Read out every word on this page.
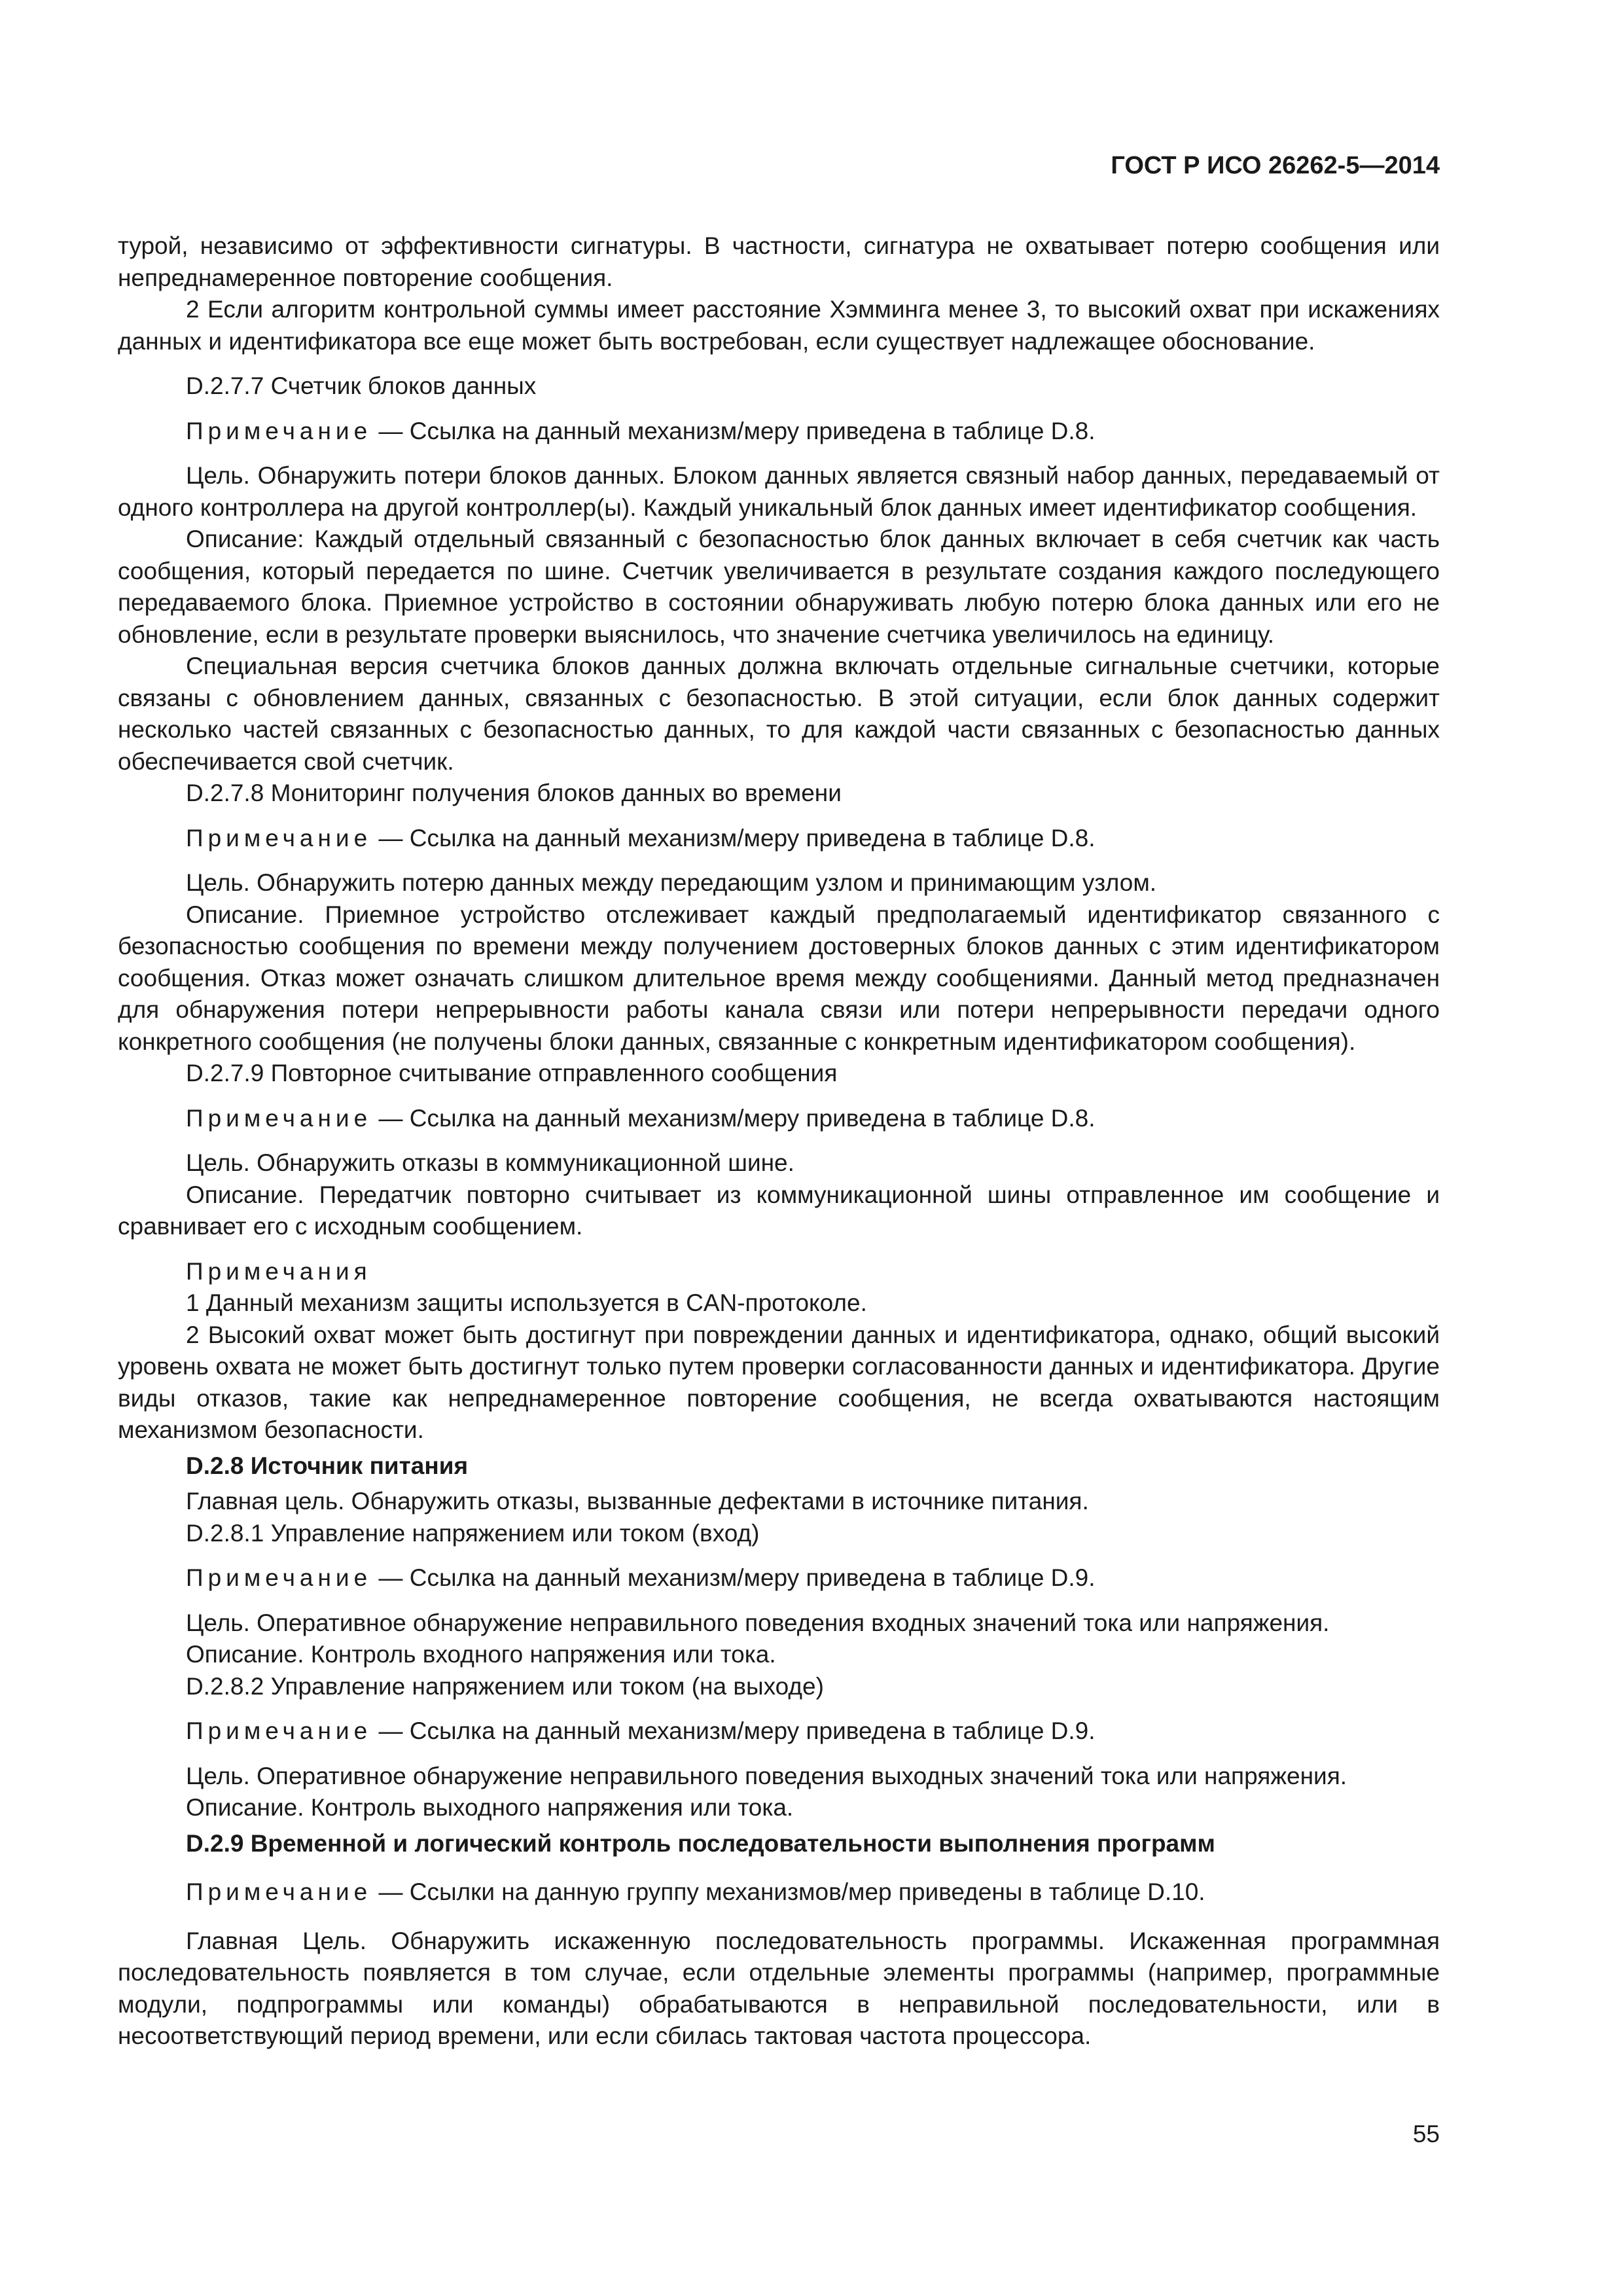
ГОСТ Р ИСО 26262-5—2014

турой, независимо от эффективности сигнатуры. В частности, сигнатура не охватывает потерю сообщения или непреднамеренное повторение сообщения.

2 Если алгоритм контрольной суммы имеет расстояние Хэмминга менее 3, то высокий охват при искажениях данных и идентификатора все еще может быть востребован, если существует надлежащее обоснование.

D.2.7.7 Счетчик блоков данных

Примечание — Ссылка на данный механизм/меру приведена в таблице D.8.

Цель. Обнаружить потери блоков данных. Блоком данных является связный набор данных, передаваемый от одного контроллера на другой контроллер(ы). Каждый уникальный блок данных имеет идентификатор сообщения.

Описание: Каждый отдельный связанный с безопасностью блок данных включает в себя счетчик как часть сообщения, который передается по шине. Счетчик увеличивается в результате создания каждого последующего передаваемого блока. Приемное устройство в состоянии обнаруживать любую потерю блока данных или его не обновление, если в результате проверки выяснилось, что значение счетчика увеличилось на единицу.

Специальная версия счетчика блоков данных должна включать отдельные сигнальные счетчики, которые связаны с обновлением данных, связанных с безопасностью. В этой ситуации, если блок данных содержит несколько частей связанных с безопасностью данных, то для каждой части связанных с безопасностью данных обеспечивается свой счетчик.

D.2.7.8 Мониторинг получения блоков данных во времени

Примечание — Ссылка на данный механизм/меру приведена в таблице D.8.

Цель. Обнаружить потерю данных между передающим узлом и принимающим узлом.

Описание. Приемное устройство отслеживает каждый предполагаемый идентификатор связанного с безопасностью сообщения по времени между получением достоверных блоков данных с этим идентификатором сообщения. Отказ может означать слишком длительное время между сообщениями. Данный метод предназначен для обнаружения потери непрерывности работы канала связи или потери непрерывности передачи одного конкретного сообщения (не получены блоки данных, связанные с конкретным идентификатором сообщения).

D.2.7.9 Повторное считывание отправленного сообщения

Примечание — Ссылка на данный механизм/меру приведена в таблице D.8.

Цель. Обнаружить отказы в коммуникационной шине.

Описание. Передатчик повторно считывает из коммуникационной шины отправленное им сообщение и сравнивает его с исходным сообщением.

Примечания

1 Данный механизм защиты используется в CAN-протоколе.

2 Высокий охват может быть достигнут при повреждении данных и идентификатора, однако, общий высокий уровень охвата не может быть достигнут только путем проверки согласованности данных и идентификатора. Другие виды отказов, такие как непреднамеренное повторение сообщения, не всегда охватываются настоящим механизмом безопасности.

D.2.8 Источник питания

Главная цель. Обнаружить отказы, вызванные дефектами в источнике питания.

D.2.8.1 Управление напряжением или током (вход)

Примечание — Ссылка на данный механизм/меру приведена в таблице D.9.

Цель. Оперативное обнаружение неправильного поведения входных значений тока или напряжения.

Описание. Контроль входного напряжения или тока.

D.2.8.2 Управление напряжением или током (на выходе)

Примечание — Ссылка на данный механизм/меру приведена в таблице D.9.

Цель. Оперативное обнаружение неправильного поведения выходных значений тока или напряжения.

Описание. Контроль выходного напряжения или тока.

D.2.9 Временной и логический контроль последовательности выполнения программ

Примечание — Ссылки на данную группу механизмов/мер приведены в таблице D.10.

Главная Цель. Обнаружить искаженную последовательность программы. Искаженная программная последовательность появляется в том случае, если отдельные элементы программы (например, программные модули, подпрограммы или команды) обрабатываются в неправильной последовательности, или в несоответствующий период времени, или если сбилась тактовая частота процессора.

55
